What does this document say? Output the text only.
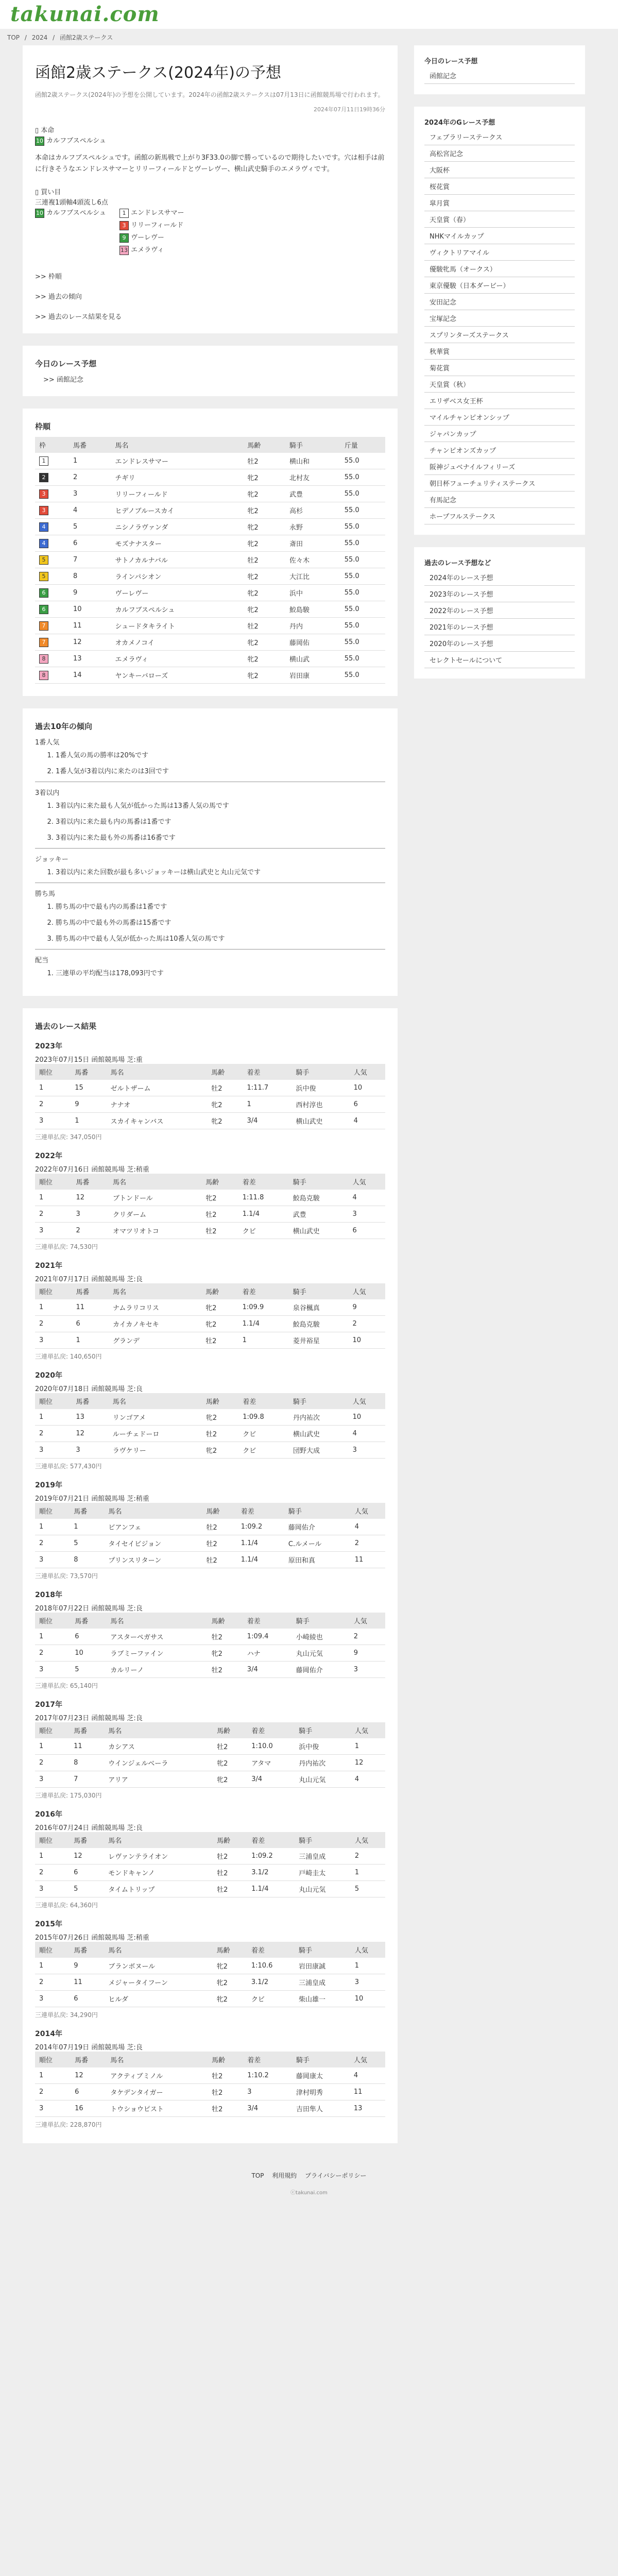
takunai.com
TOP / 2024 / 函館2歳ステークス
函館2歳ステークス(2024年)の予想
函館2歳ステークス(2024年)の予想を公開しています。2024年の函館2歳ステークスは07月13日に函館競馬場で行われます。
2024年07月11日19時36分
▯ 本命
10 カルフブスペルシュ

本命はカルフブスペルシュです。函館の新馬戦で上がり3F33.0の脚で勝っているので期待したいです。穴は相手は前に行きそうなエンドレスサマーとリリーフィールドとヴーレヴー、横山武史騎手のエメラヴィです。

▯ 買い目
三連複1頭軸4頭流し6点
10 カルフブスペルシュ	1 エンドレスサマー
3 リリーフィールド
9 ヴーレヴー
13 エメラヴィ
>> 枠順
>> 過去の傾向
>> 過去のレース結果を見る
今日のレース予想
>> 函館記念
枠順
枠	馬番	馬名	馬齢	騎手	斤量
1	1	エンドレスサマー	牡2	横山和	55.0
2	2	チギリ	牝2	北村友	55.0
3	3	リリーフィールド	牝2	武豊	55.0
3	4	ヒデノブルースカイ	牝2	高杉	55.0
4	5	ニシノラヴァンダ	牝2	永野	55.0
4	6	モズナナスター	牝2	斎田	55.0
5	7	サトノカルナバル	牡2	佐々木	55.0
5	8	ラインパシオン	牝2	大江比	55.0
6	9	ヴーレヴー	牝2	浜中	55.0
6	10	カルフブスペルシュ	牝2	鮫島駿	55.0
7	11	シュードタキライト	牡2	丹内	55.0
7	12	オカメノコイ	牝2	藤岡佑	55.0
8	13	エメラヴィ	牝2	横山武	55.0
8	14	ヤンキーバローズ	牝2	岩田康	55.0
過去10年の傾向
1番人気
1. 1番人気の馬の勝率は20%です
2. 1番人気が3着以内に来たのは3回です
3着以内
1. 3着以内に来た最も人気が低かった馬は13番人気の馬です
2. 3着以内に来た最も内の馬番は1番です
3. 3着以内に来た最も外の馬番は16番です
ジョッキー
1. 3着以内に来た回数が最も多いジョッキーは横山武史と丸山元気です
勝ち馬
1. 勝ち馬の中で最も内の馬番は1番です
2. 勝ち馬の中で最も外の馬番は15番です
3. 勝ち馬の中で最も人気が低かった馬は10番人気の馬です
配当
1. 三連単の平均配当は178,093円です
過去のレース結果
2023年
2023年07月15日 函館競馬場 芝:重
順位	馬番	馬名	馬齢	着差	騎手	人気
1	15	ゼルトザーム	牡2	1:11.7	浜中俊	10
2	9	ナナオ	牝2	1	西村淳也	6
3	1	スカイキャンバス	牝2	3/4	横山武史	4
三連単払戻: 347,050円
2022年
2022年07月16日 函館競馬場 芝:稍重
順位	馬番	馬名	馬齢	着差	騎手	人気
1	12	ブトンドール	牝2	1:11.8	鮫島克駿	4
2	3	クリダーム	牡2	1.1/4	武豊	3
3	2	オマツリオトコ	牡2	クビ	横山武史	6
三連単払戻: 74,530円
2021年
2021年07月17日 函館競馬場 芝:良
順位	馬番	馬名	馬齢	着差	騎手	人気
1	11	ナムラリコリス	牝2	1:09.9	泉谷楓真	9
2	6	カイカノキセキ	牝2	1.1/4	鮫島克駿	2
3	1	グランデ	牡2	1	菱井裕星	10
三連単払戻: 140,650円
2020年
2020年07月18日 函館競馬場 芝:良
順位	馬番	馬名	馬齢	着差	騎手	人気
1	13	リンゴアメ	牝2	1:09.8	丹内祐次	10
2	12	ルーチェドーロ	牡2	クビ	横山武史	4
3	3	ラヴケリー	牝2	クビ	団野大成	3
三連単払戻: 577,430円
2019年
2019年07月21日 函館競馬場 芝:稍重
順位	馬番	馬名	馬齢	着差	騎手	人気
1	1	ビアンフェ	牡2	1:09.2	藤岡佑介	4
2	5	タイセイビジョン	牡2	1.1/4	C.ルメール	2
3	8	プリンスリターン	牡2	1.1/4	原田和真	11
三連単払戻: 73,570円
2018年
2018年07月22日 函館競馬場 芝:良
順位	馬番	馬名	馬齢	着差	騎手	人気
1	6	アスターペガサス	牡2	1:09.4	小崎綾也	2
2	10	ラブミーファイン	牝2	ハナ	丸山元気	9
3	5	カルリーノ	牡2	3/4	藤岡佑介	3
三連単払戻: 65,140円
2017年
2017年07月23日 函館競馬場 芝:良
順位	馬番	馬名	馬齢	着差	騎手	人気
1	11	カシアス	牡2	1:10.0	浜中俊	1
2	8	ウインジェルベーラ	牝2	アタマ	丹内祐次	12
3	7	アリア	牝2	3/4	丸山元気	4
三連単払戻: 175,030円
2016年
2016年07月24日 函館競馬場 芝:良
順位	馬番	馬名	馬齢	着差	騎手	人気
1	12	レヴァンテライオン	牡2	1:09.2	三浦皇成	2
2	6	モンドキャンノ	牡2	3.1/2	戸崎圭太	1
3	5	タイムトリップ	牡2	1.1/4	丸山元気	5
三連単払戻: 64,360円
2015年
2015年07月26日 函館競馬場 芝:稍重
順位	馬番	馬名	馬齢	着差	騎手	人気
1	9	ブランボヌール	牝2	1:10.6	岩田康誠	1
2	11	メジャータイフーン	牝2	3.1/2	三浦皇成	3
3	6	ヒルダ	牝2	クビ	柴山雄一	10
三連単払戻: 34,290円
2014年
2014年07月19日 函館競馬場 芝:良
順位	馬番	馬名	馬齢	着差	騎手	人気
1	12	アクティブミノル	牡2	1:10.2	藤岡康太	4
2	6	タケデンタイガー	牡2	3	津村明秀	11
3	16	トウショウピスト	牡2	3/4	吉田隼人	13
三連単払戻: 228,870円
今日のレース予想
函館記念
2024年のGレース予想
フェブラリーステークス
高松宮記念
大阪杯
桜花賞
皐月賞
天皇賞（春）
NHKマイルカップ
ヴィクトリアマイル
優駿牝馬（オークス）
東京優駿（日本ダービー）
安田記念
宝塚記念
スプリンターズステークス
秋華賞
菊花賞
天皇賞（秋）
エリザベス女王杯
マイルチャンピオンシップ
ジャパンカップ
チャンピオンズカップ
阪神ジュベナイルフィリーズ
朝日杯フューチュリティステークス
有馬記念
ホープフルステークス
過去のレース予想など
2024年のレース予想
2023年のレース予想
2022年のレース予想
2021年のレース予想
2020年のレース予想
セレクトセールについて
TOP 利用規約 プライバシーポリシー
ⓒtakunai.com
